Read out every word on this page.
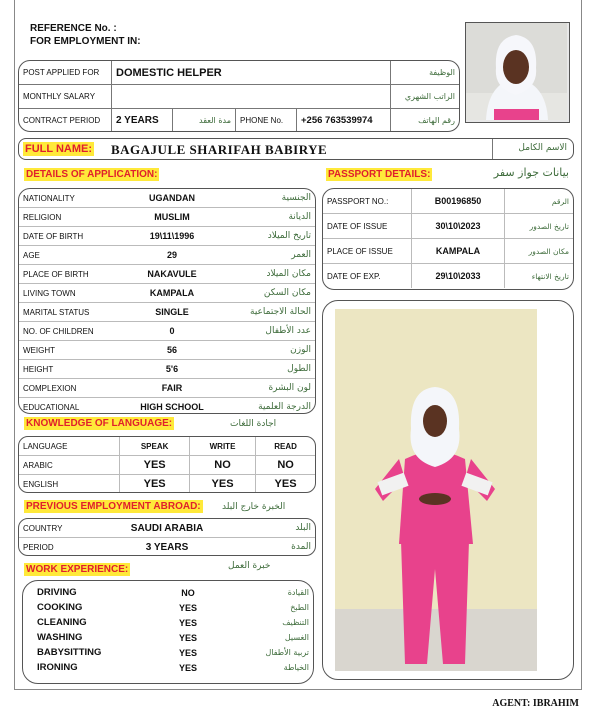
REFERENCE No. :
FOR EMPLOYMENT IN:
POST APPLIED FOR	DOMESTIC HELPER				الوظيفة
MONTHLY SALARY					الراتب الشهري
CONTRACT PERIOD	2 YEARS	مدة العقد	PHONE No.	+256 763539974	رقم الهاتف
FULL NAME: BAGAJULE SHARIFAH BABIRYE	الاسم الكامل
DETAILS OF APPLICATION:
NATIONALITY	UGANDAN	الجنسية
RELIGION	MUSLIM	الديانة
DATE OF BIRTH	19\11\1996	تاريخ الميلاد
AGE	29	العمر
PLACE OF BIRTH	NAKAVULE	مكان الميلاد
LIVING TOWN	KAMPALA	مكان السكن
MARITAL STATUS	SINGLE	الحالة الاجتماعية
NO. OF CHILDREN	0	عدد الأطفال
WEIGHT	56	الوزن
HEIGHT	5'6	الطول
COMPLEXION	FAIR	لون البشرة
EDUCATIONAL	HIGH SCHOOL	الدرجة العلمية
PASSPORT DETAILS:	بيانات جواز سفر
PASSPORT NO.:	B00196850	الرقم
DATE OF ISSUE	30\10\2023	تاريخ الصدور
PLACE OF ISSUE	KAMPALA	مكان الصدور
DATE OF EXP.	29\10\2033	تاريخ الانتهاء
KNOWLEDGE OF LANGUAGE:	اجادة اللغات
LANGUAGE	SPEAK	WRITE	READ
ARABIC	YES	NO	NO
ENGLISH	YES	YES	YES
PREVIOUS EMPLOYMENT ABROAD: الخبرة خارج البلد
COUNTRY	SAUDI ARABIA	البلد
PERIOD	3 YEARS	المدة
WORK EXPERIENCE:	خبرة العمل
DRIVING	NO	القيادة
COOKING	YES	الطبخ
CLEANING	YES	التنظيف
WASHING	YES	الغسيل
BABYSITTING	YES	تربية الأطفال
IRONING	YES	الخياطة
AGENT: IBRAHIM
